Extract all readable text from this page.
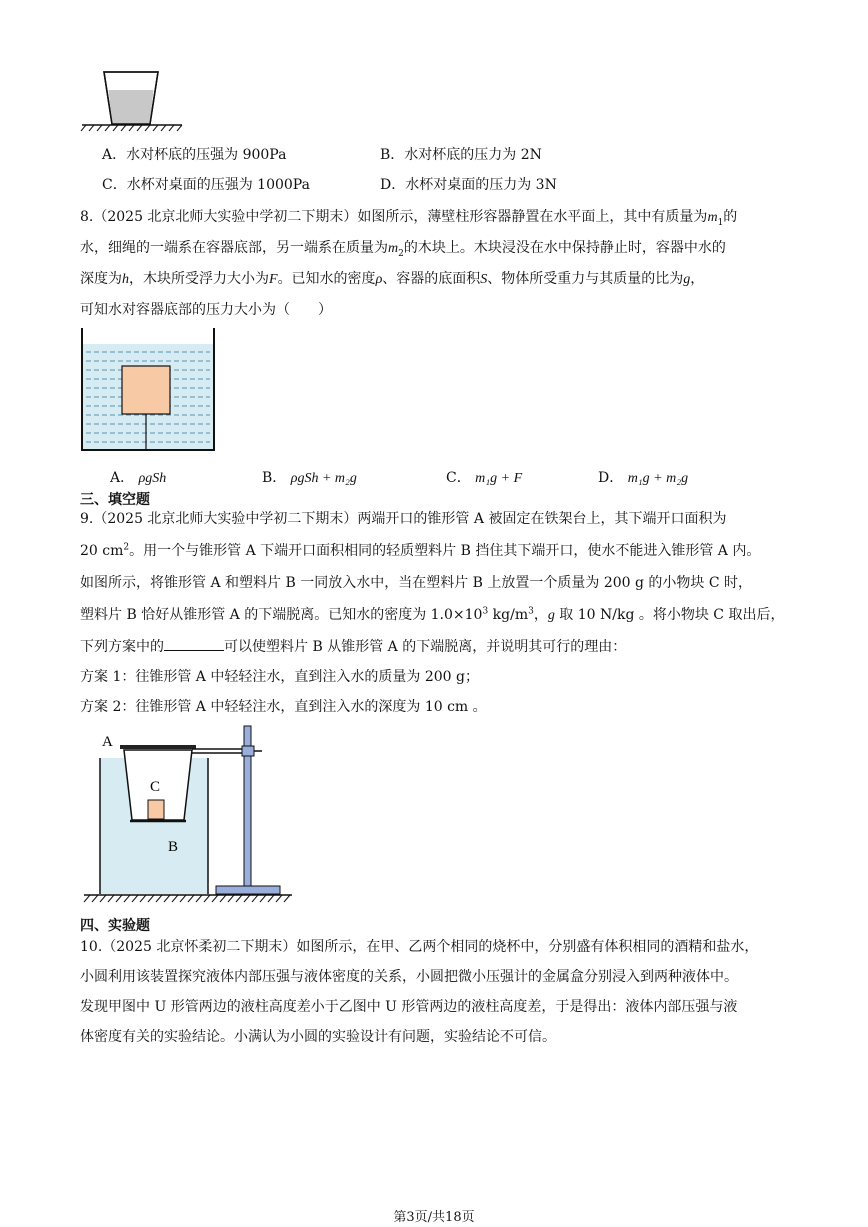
A．水对杯底的压强为 900Pa	B．水对杯底的压力为 2N
C．水杯对桌面的压强为 1000Pa	D．水杯对桌面的压力为 3N
8.（2025 北京北师大实验中学初二下期末）如图所示，薄壁柱形容器静置在水平面上，其中有质量为$m_1$的
水，细绳的一端系在容器底部，另一端系在质量为$m_2$的木块上。木块浸没在水中保持静止时，容器中水的
深度为h，木块所受浮力大小为F。已知水的密度ρ、容器的底面积S、物体所受重力与其质量的比为g，
可知水对容器底部的压力大小为（　　）
A． ρgSh	B． ρgSh + m₂g	C． m₁g + F	D． m₁g + m₂g
三、填空题
9.（2025 北京北师大实验中学初二下期末）两端开口的锥形管 A 被固定在铁架台上，其下端开口面积为
20 $cm^2$。用一个与锥形管 A 下端开口面积相同的轻质塑料片 B 挡住其下端开口，使水不能进入锥形管 A 内。
如图所示，将锥形管 A 和塑料片 B 一同放入水中，当在塑料片 B 上放置一个质量为 200 g 的小物块 C 时，
塑料片 B 恰好从锥形管 A 的下端脱离。已知水的密度为 $1.0\times 10^3$ $kg/m^3$，g 取 10 N/kg 。将小物块 C 取出后，
下列方案中的	可以使塑料片 B 从锥形管 A 的下端脱离，并说明其可行的理由：
方案 1：往锥形管 A 中轻轻注水，直到注入水的质量为 200 g；
方案 2：往锥形管 A 中轻轻注水，直到注入水的深度为 10 cm 。
A
C
B
四、实验题
10.（2025 北京怀柔初二下期末）如图所示，在甲、乙两个相同的烧杯中，分别盛有体积相同的酒精和盐水，
小圆利用该装置探究液体内部压强与液体密度的关系，小圆把微小压强计的金属盒分别浸入到两种液体中。
发现甲图中 U 形管两边的液柱高度差小于乙图中 U 形管两边的液柱高度差，于是得出：液体内部压强与液
体密度有关的实验结论。小满认为小圆的实验设计有问题，实验结论不可信。
第3页/共18页
